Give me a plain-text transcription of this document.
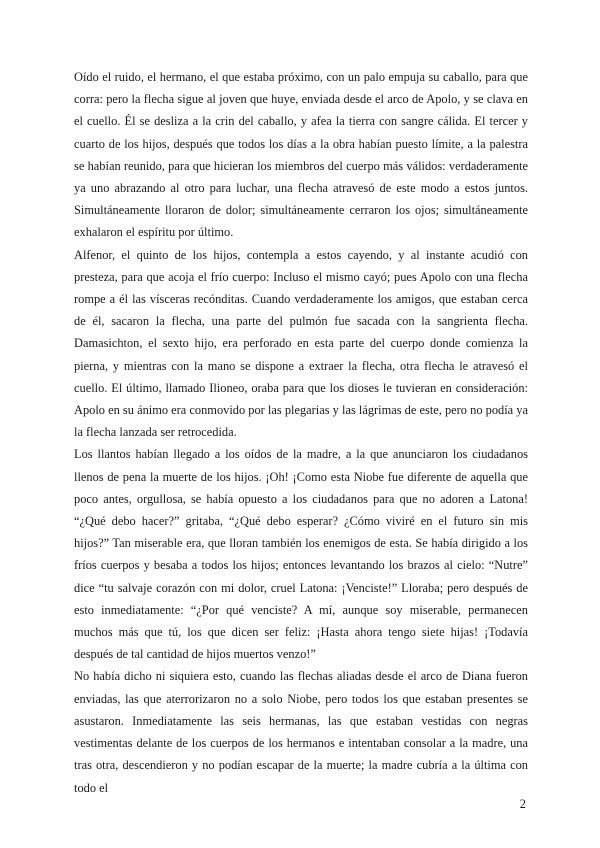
Oído el ruido, el hermano, el que estaba próximo, con un palo empuja su caballo, para que corra: pero la flecha sigue al joven que huye, enviada desde el arco de Apolo, y se clava en el cuello. Él se desliza a la crin del caballo, y afea la tierra con sangre cálida. El tercer y cuarto de los hijos, después que todos los días a la obra habían puesto límite, a la palestra se habían reunido, para que hicieran los miembros del cuerpo más válidos: verdaderamente ya uno abrazando al otro para luchar, una flecha atravesó de este modo a estos juntos. Simultáneamente lloraron de dolor; simultáneamente cerraron los ojos; simultáneamente exhalaron el espíritu por último.

Alfenor, el quinto de los hijos, contempla a estos cayendo, y al instante acudió con presteza, para que acoja el frío cuerpo: Incluso el mismo cayó; pues Apolo con una flecha rompe a él las vísceras recónditas. Cuando verdaderamente los amigos, que estaban cerca de él, sacaron la flecha, una parte del pulmón fue sacada con la sangrienta flecha. Damasichton, el sexto hijo, era perforado en esta parte del cuerpo donde comienza la pierna, y mientras con la mano se dispone a extraer la flecha, otra flecha le atravesó el cuello. El último, llamado Ilioneo, oraba para que los dioses le tuvieran en consideración: Apolo en su ánimo era conmovido por las plegarias y las lágrimas de este, pero no podía ya la flecha lanzada ser retrocedida.

Los llantos habían llegado a los oídos de la madre, a la que anunciaron los ciudadanos llenos de pena la muerte de los hijos. ¡Oh! ¡Como esta Niobe fue diferente de aquella que poco antes, orgullosa, se había opuesto a los ciudadanos para que no adoren a Latona! “¿Qué debo hacer?” gritaba, “¿Qué debo esperar? ¿Cómo viviré en el futuro sin mis hijos?” Tan miserable era, que lloran también los enemigos de esta. Se había dirigido a los fríos cuerpos y besaba a todos los hijos; entonces levantando los brazos al cielo: “Nutre” dice “tu salvaje corazón con mi dolor, cruel Latona: ¡Venciste!” Lloraba; pero después de esto inmediatamente: “¿Por qué venciste? A mí, aunque soy miserable, permanecen muchos más que tú, los que dicen ser feliz: ¡Hasta ahora tengo siete hijas! ¡Todavía después de tal cantidad de hijos muertos venzo!”

No había dicho ni siquiera esto, cuando las flechas aliadas desde el arco de Diana fueron enviadas, las que aterrorizaron no a solo Niobe, pero todos los que estaban presentes se asustaron. Inmediatamente las seis hermanas, las que estaban vestidas con negras vestimentas delante de los cuerpos de los hermanos e intentaban consolar a la madre, una tras otra, descendieron y no podían escapar de la muerte; la madre cubría a la última con todo el

2
